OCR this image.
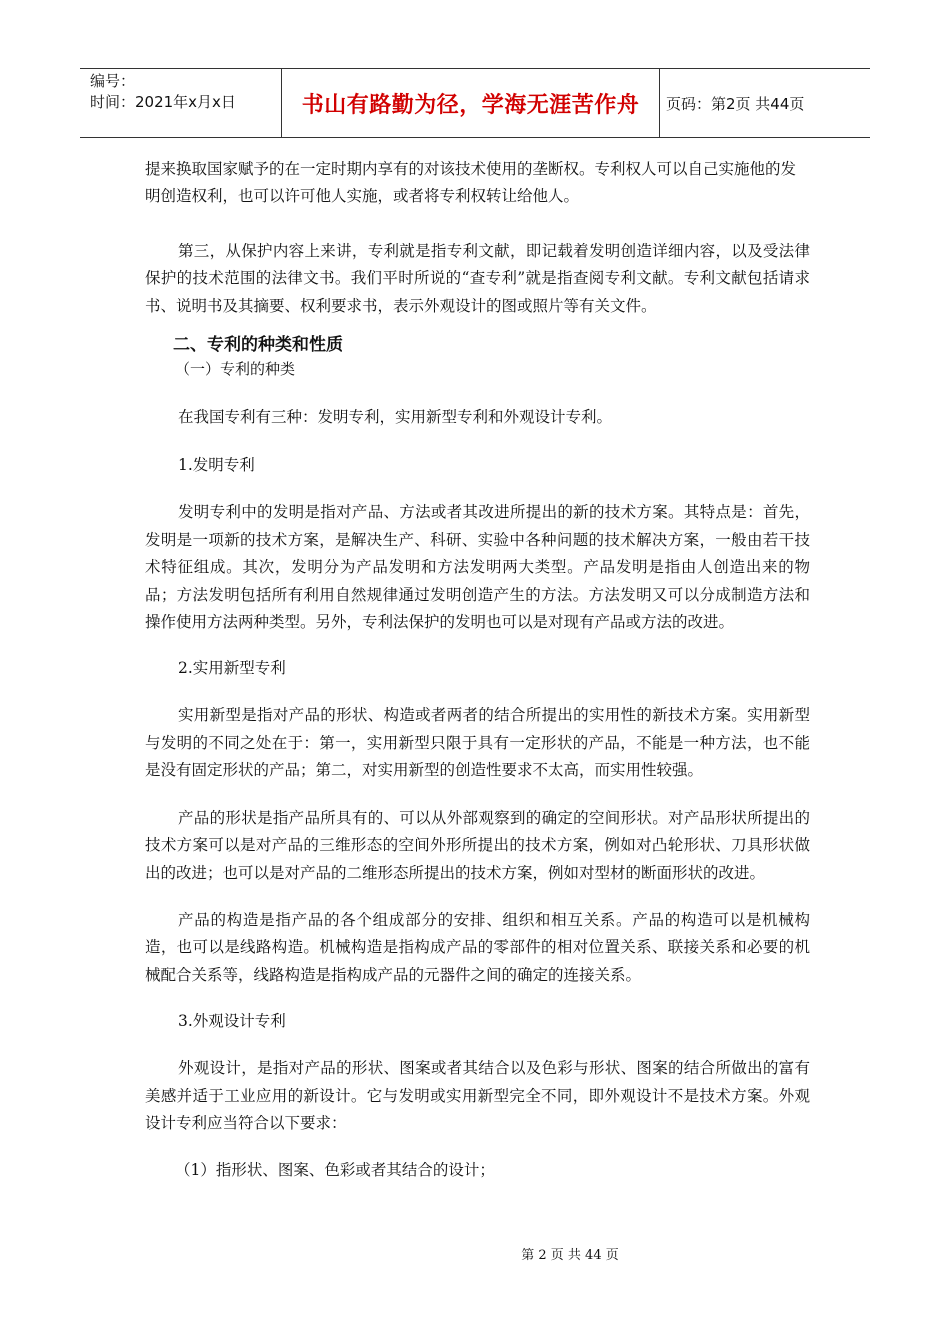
编号：
时间：2021年x月x日	书山有路勤为径，学海无涯苦作舟	页码：第2页 共44页

提来换取国家赋予的在一定时期内享有的对该技术使用的垄断权。专利权人可以自己实施他的发明创造权利，也可以许可他人实施，或者将专利权转让给他人。

第三，从保护内容上来讲，专利就是指专利文献，即记载着发明创造详细内容，以及受法律保护的技术范围的法律文书。我们平时所说的“查专利”就是指查阅专利文献。专利文献包括请求书、说明书及其摘要、权利要求书，表示外观设计的图或照片等有关文件。

二、专利的种类和性质

（一）专利的种类

在我国专利有三种：发明专利，实用新型专利和外观设计专利。

1.发明专利

发明专利中的发明是指对产品、方法或者其改进所提出的新的技术方案。其特点是：首先，发明是一项新的技术方案，是解决生产、科研、实验中各种问题的技术解决方案，一般由若干技术特征组成。其次，发明分为产品发明和方法发明两大类型。产品发明是指由人创造出来的物品；方法发明包括所有利用自然规律通过发明创造产生的方法。方法发明又可以分成制造方法和操作使用方法两种类型。另外，专利法保护的发明也可以是对现有产品或方法的改进。

2.实用新型专利

实用新型是指对产品的形状、构造或者两者的结合所提出的实用性的新技术方案。实用新型与发明的不同之处在于：第一，实用新型只限于具有一定形状的产品，不能是一种方法，也不能是没有固定形状的产品；第二，对实用新型的创造性要求不太高，而实用性较强。

产品的形状是指产品所具有的、可以从外部观察到的确定的空间形状。对产品形状所提出的技术方案可以是对产品的三维形态的空间外形所提出的技术方案，例如对凸轮形状、刀具形状做出的改进；也可以是对产品的二维形态所提出的技术方案，例如对型材的断面形状的改进。

产品的构造是指产品的各个组成部分的安排、组织和相互关系。产品的构造可以是机械构造，也可以是线路构造。机械构造是指构成产品的零部件的相对位置关系、联接关系和必要的机械配合关系等，线路构造是指构成产品的元器件之间的确定的连接关系。

3.外观设计专利

外观设计，是指对产品的形状、图案或者其结合以及色彩与形状、图案的结合所做出的富有美感并适于工业应用的新设计。它与发明或实用新型完全不同，即外观设计不是技术方案。外观设计专利应当符合以下要求：

（1）指形状、图案、色彩或者其结合的设计；

第 2 页 共 44 页
